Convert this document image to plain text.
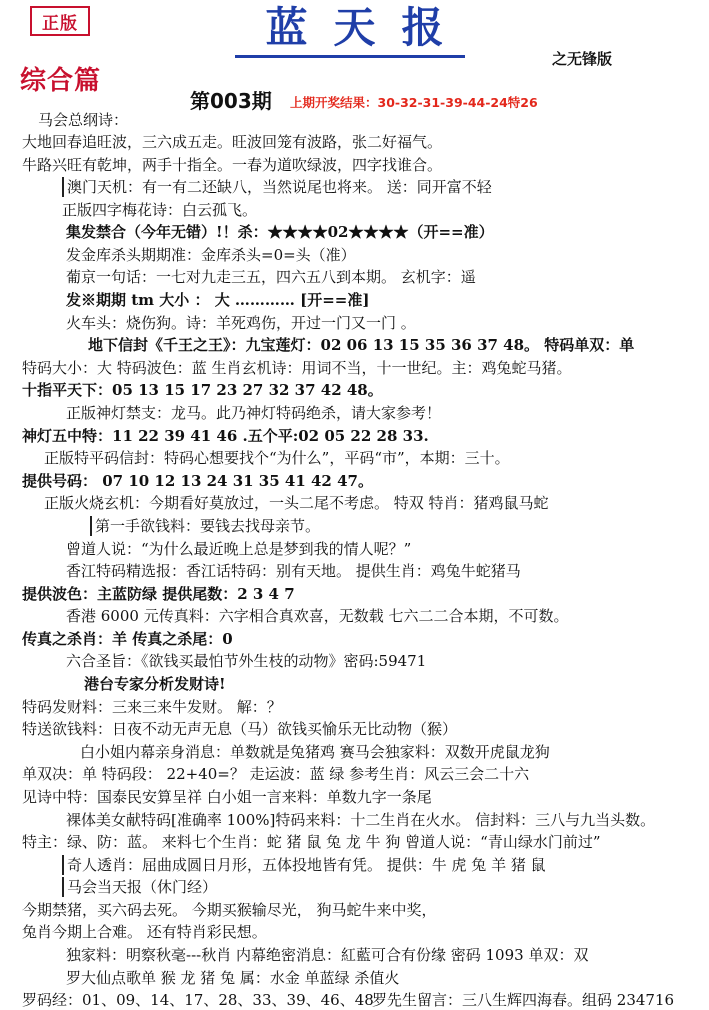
正版	蓝天报
之无锋版
综合篇
第003期 上期开奖结果：30-32-31-39-44-24特26
马会总纲诗：
大地回春追旺波，三六成五走。旺波回笼有波路，张二好福气。
牛路兴旺有乾坤，两手十指全。一春为道吹绿波，四字找谁合。
澳门天机：有一有二还缺八，当然说尾也将来。 送：同开富不轻
正版四字梅花诗：白云孤飞。
集发禁合（今年无错）!！杀：★★★★02★★★★（开==准）
发金库杀头期期准：金库杀头=0=头（准）
葡京一句话：一七对九走三五，四六五八到本期。 玄机字：遥
发※期期 tm 大小 ： 大 ………… [开==准]
火车头：烧伤狗。诗：羊死鸡伤，开过一门又一门 。
地下信封《千王之王》：九宝莲灯：02 06 13 15 35 36 37 48。 特码单双：单
特码大小：大 特码波色：蓝 生肖玄机诗：用词不当，十一世纪。主：鸡兔蛇马猪。
十指平天下：05 13 15 17 23 27 32 37 42 48。
正版神灯禁支：龙马。此乃神灯特码绝杀，请大家参考！
神灯五中特：11 22 39 41 46 .五个平:02 05 22 28 33.
正版特平码信封：特码心想要找个“为什么”，平码“市”，本期：三十。
提供号码： 07 10 12 13 24 31 35 41 42 47。
正版火烧玄机：今期看好莫放过，一头二尾不考虑。 特双 特肖：猪鸡鼠马蛇
第一手欲钱料：要钱去找母亲节。
曾道人说：“为什么最近晚上总是梦到我的情人呢？”
香江特码精选报：香江话特码：别有天地。 提供生肖：鸡兔牛蛇猪马
提供波色：主蓝防绿 提供尾数：2 3 4 7
香港 6000 元传真料：六字相合真欢喜，无数载 七六二二合本期，不可数。
传真之杀肖：羊 传真之杀尾：0
六合圣旨：《欲钱买最怕节外生枝的动物》密码:59471
港台专家分析发财诗!
特码发财料：三来三来牛发财。 解：？
特送欲钱料：日夜不动无声无息（马）欲钱买愉乐无比动物（猴）
白小姐内幕亲身消息：单数就是兔猪鸡 赛马会独家料：双数开虎鼠龙狗
单双决：单 特码段： 22+40=？ 走运波：蓝 绿 参考生肖：风云三会二十六
见诗中特：国泰民安算呈祥 白小姐一言来料：单数九字一条尾
裸体美女献特码[准确率 100%]特码来料：十二生肖在火水。 信封料：三八与九当头数。
特主：绿、防：蓝。 来料七个生肖：蛇 猪 鼠 兔 龙 牛 狗 曾道人说：“青山绿水门前过”
奇人透肖：屈曲成圆日月形，五体投地皆有凭。 提供：牛 虎 兔 羊 猪 鼠
马会当天报（休门经）
今期禁猪，买六码去死。 今期买猴输尽光， 狗马蛇牛来中奖，
兔肖今期上合难。 还有特肖彩民想。
独家料：明察秋毫---秋肖 内幕绝密消息：紅藍可合有份缘 密码 1093 单双：双
罗大仙点歌单 猴 龙 猪 兔 属：水金 单蓝绿 杀值火
罗码经：01、09、14、17、28、33、39、46、48
罗先生留言：三八生辉四海春。组码 234716
